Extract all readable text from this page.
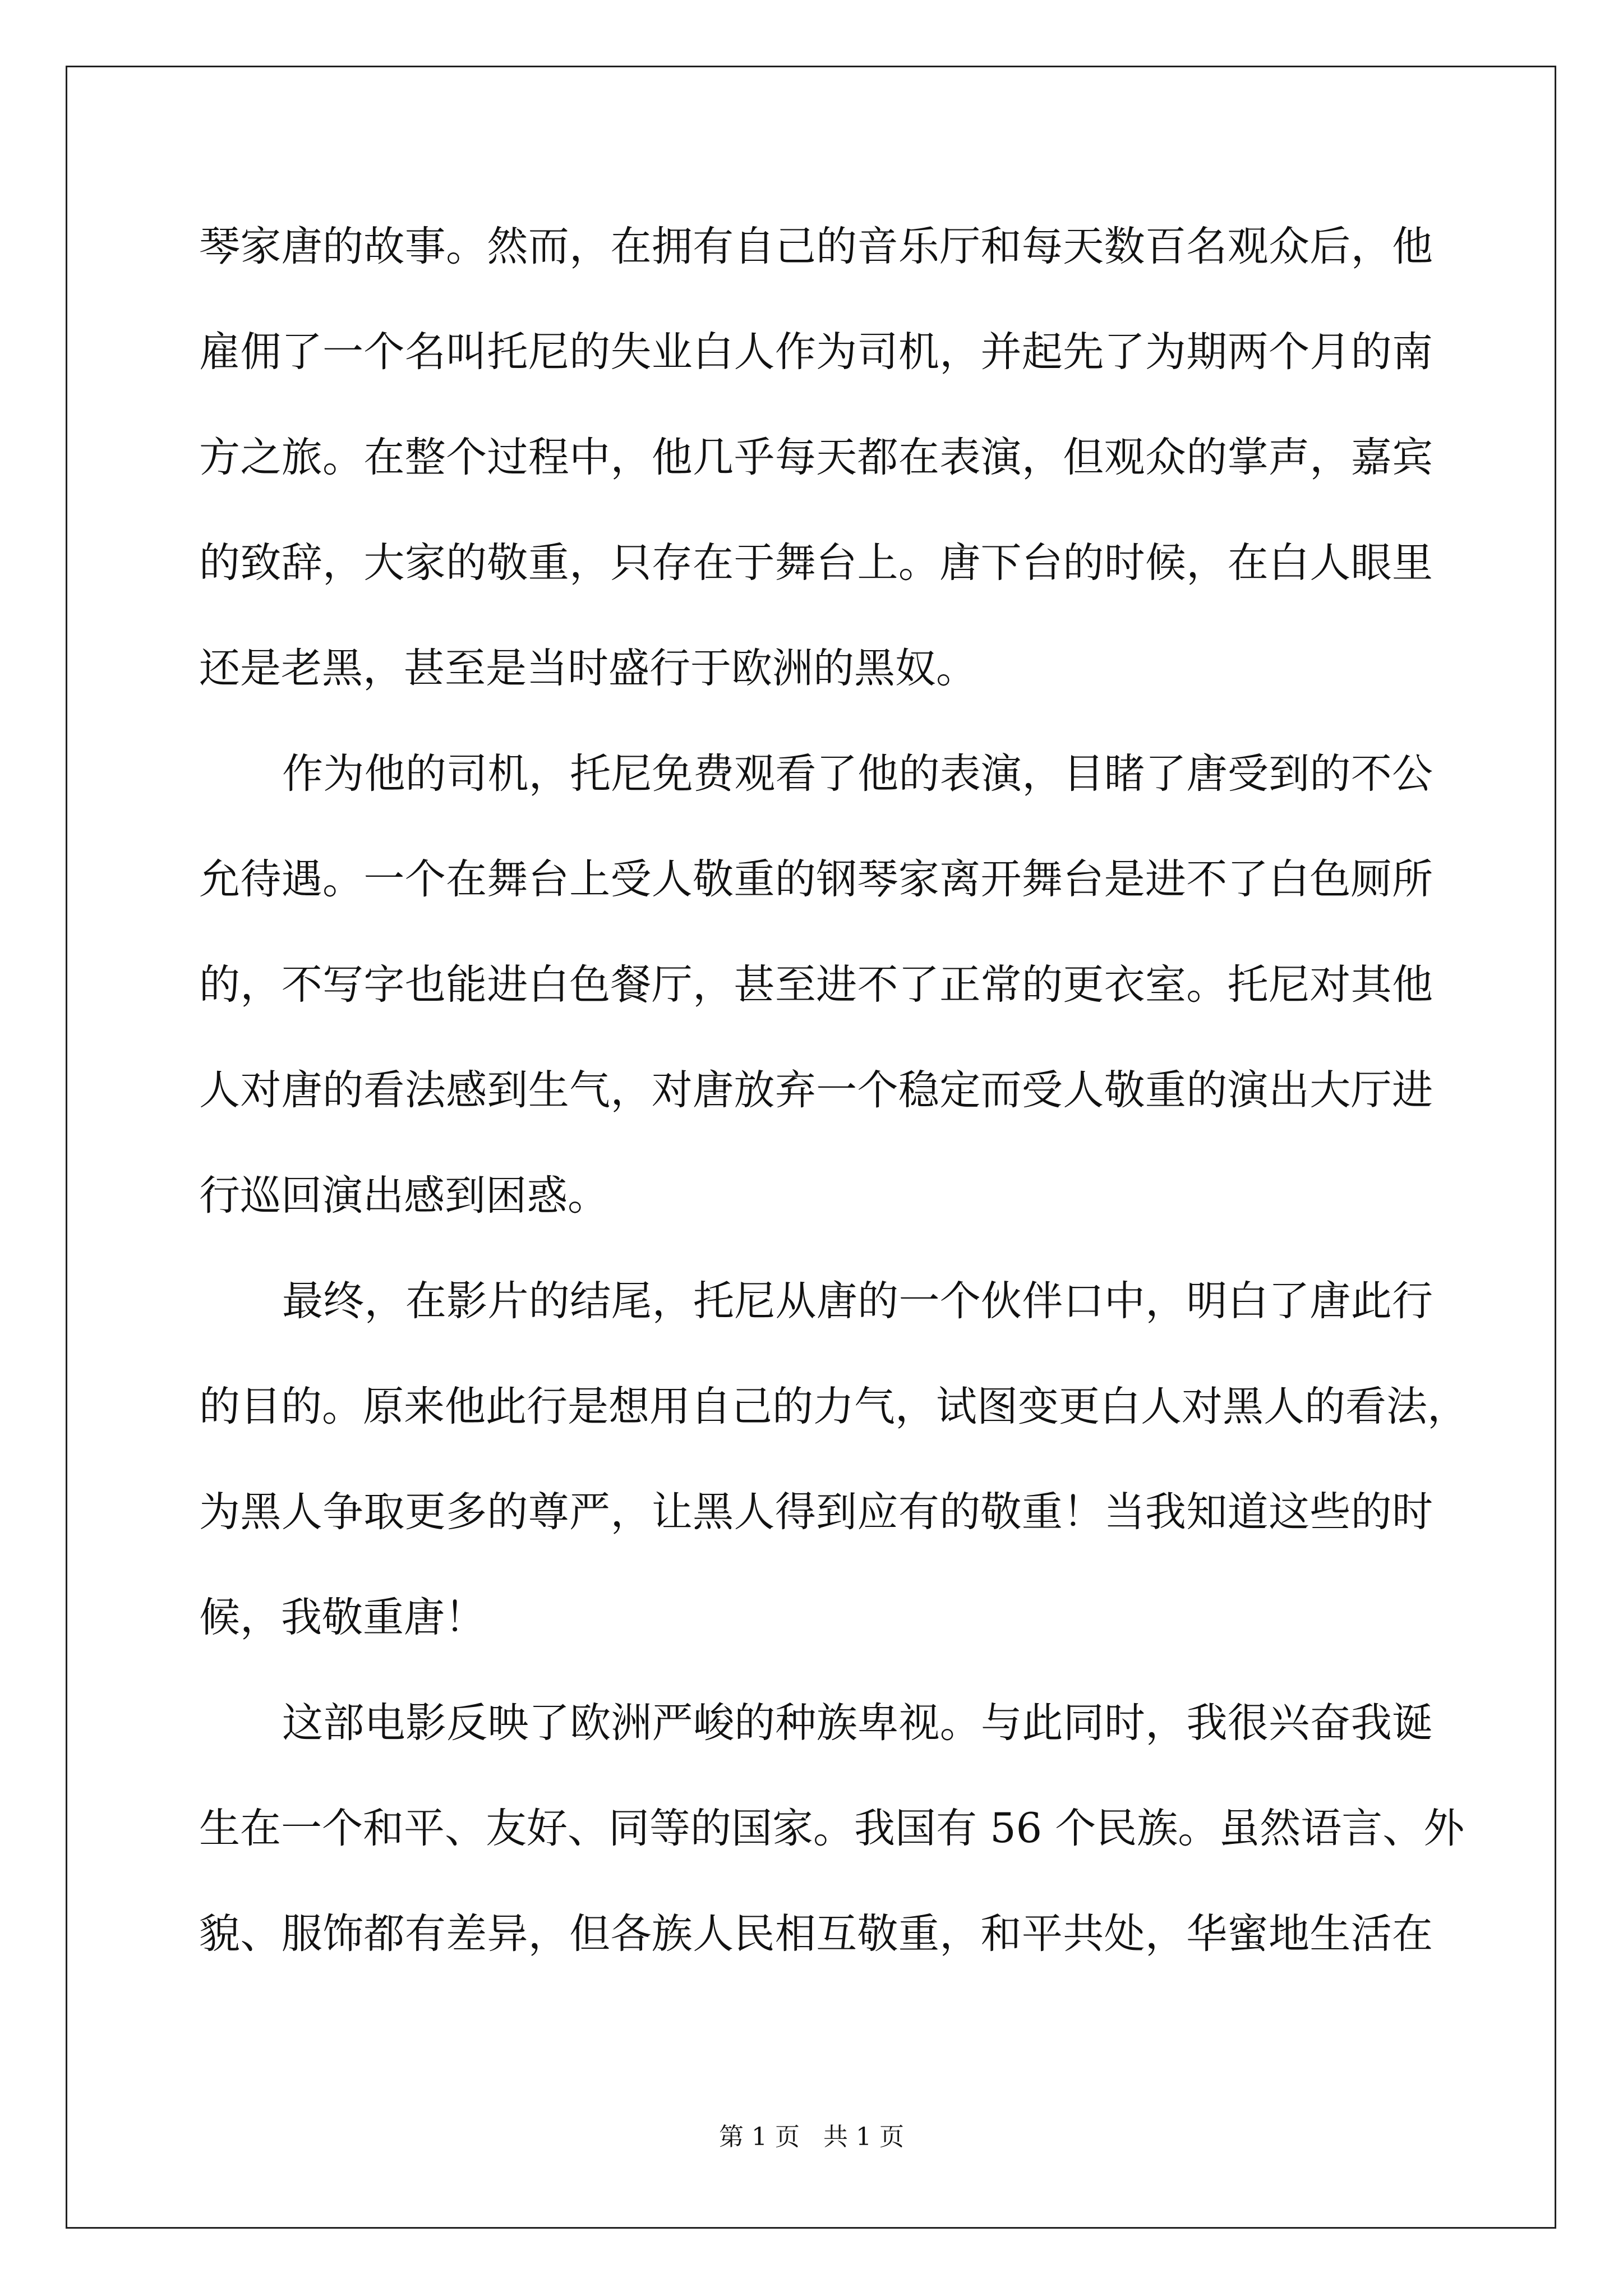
琴家唐的故事。然而，在拥有自己的音乐厅和每天数百名观众后，他
雇佣了一个名叫托尼的失业白人作为司机，并起先了为期两个月的南
方之旅。在整个过程中，他几乎每天都在表演，但观众的掌声，嘉宾
的致辞，大家的敬重，只存在于舞台上。唐下台的时候，在白人眼里
还是老黑，甚至是当时盛行于欧洲的黑奴。
作为他的司机，托尼免费观看了他的表演，目睹了唐受到的不公
允待遇。一个在舞台上受人敬重的钢琴家离开舞台是进不了白色厕所
的，不写字也能进白色餐厅，甚至进不了正常的更衣室。托尼对其他
人对唐的看法感到生气，对唐放弃一个稳定而受人敬重的演出大厅进
行巡回演出感到困惑。
最终，在影片的结尾，托尼从唐的一个伙伴口中，明白了唐此行
的目的。原来他此行是想用自己的力气，试图变更白人对黑人的看法，
为黑人争取更多的尊严，让黑人得到应有的敬重！当我知道这些的时
候，我敬重唐！
这部电影反映了欧洲严峻的种族卑视。与此同时，我很兴奋我诞
生在一个和平、友好、同等的国家。我国有 56 个民族。虽然语言、外
貌、服饰都有差异，但各族人民相互敬重，和平共处，华蜜地生活在
第 1 页   共 1 页
